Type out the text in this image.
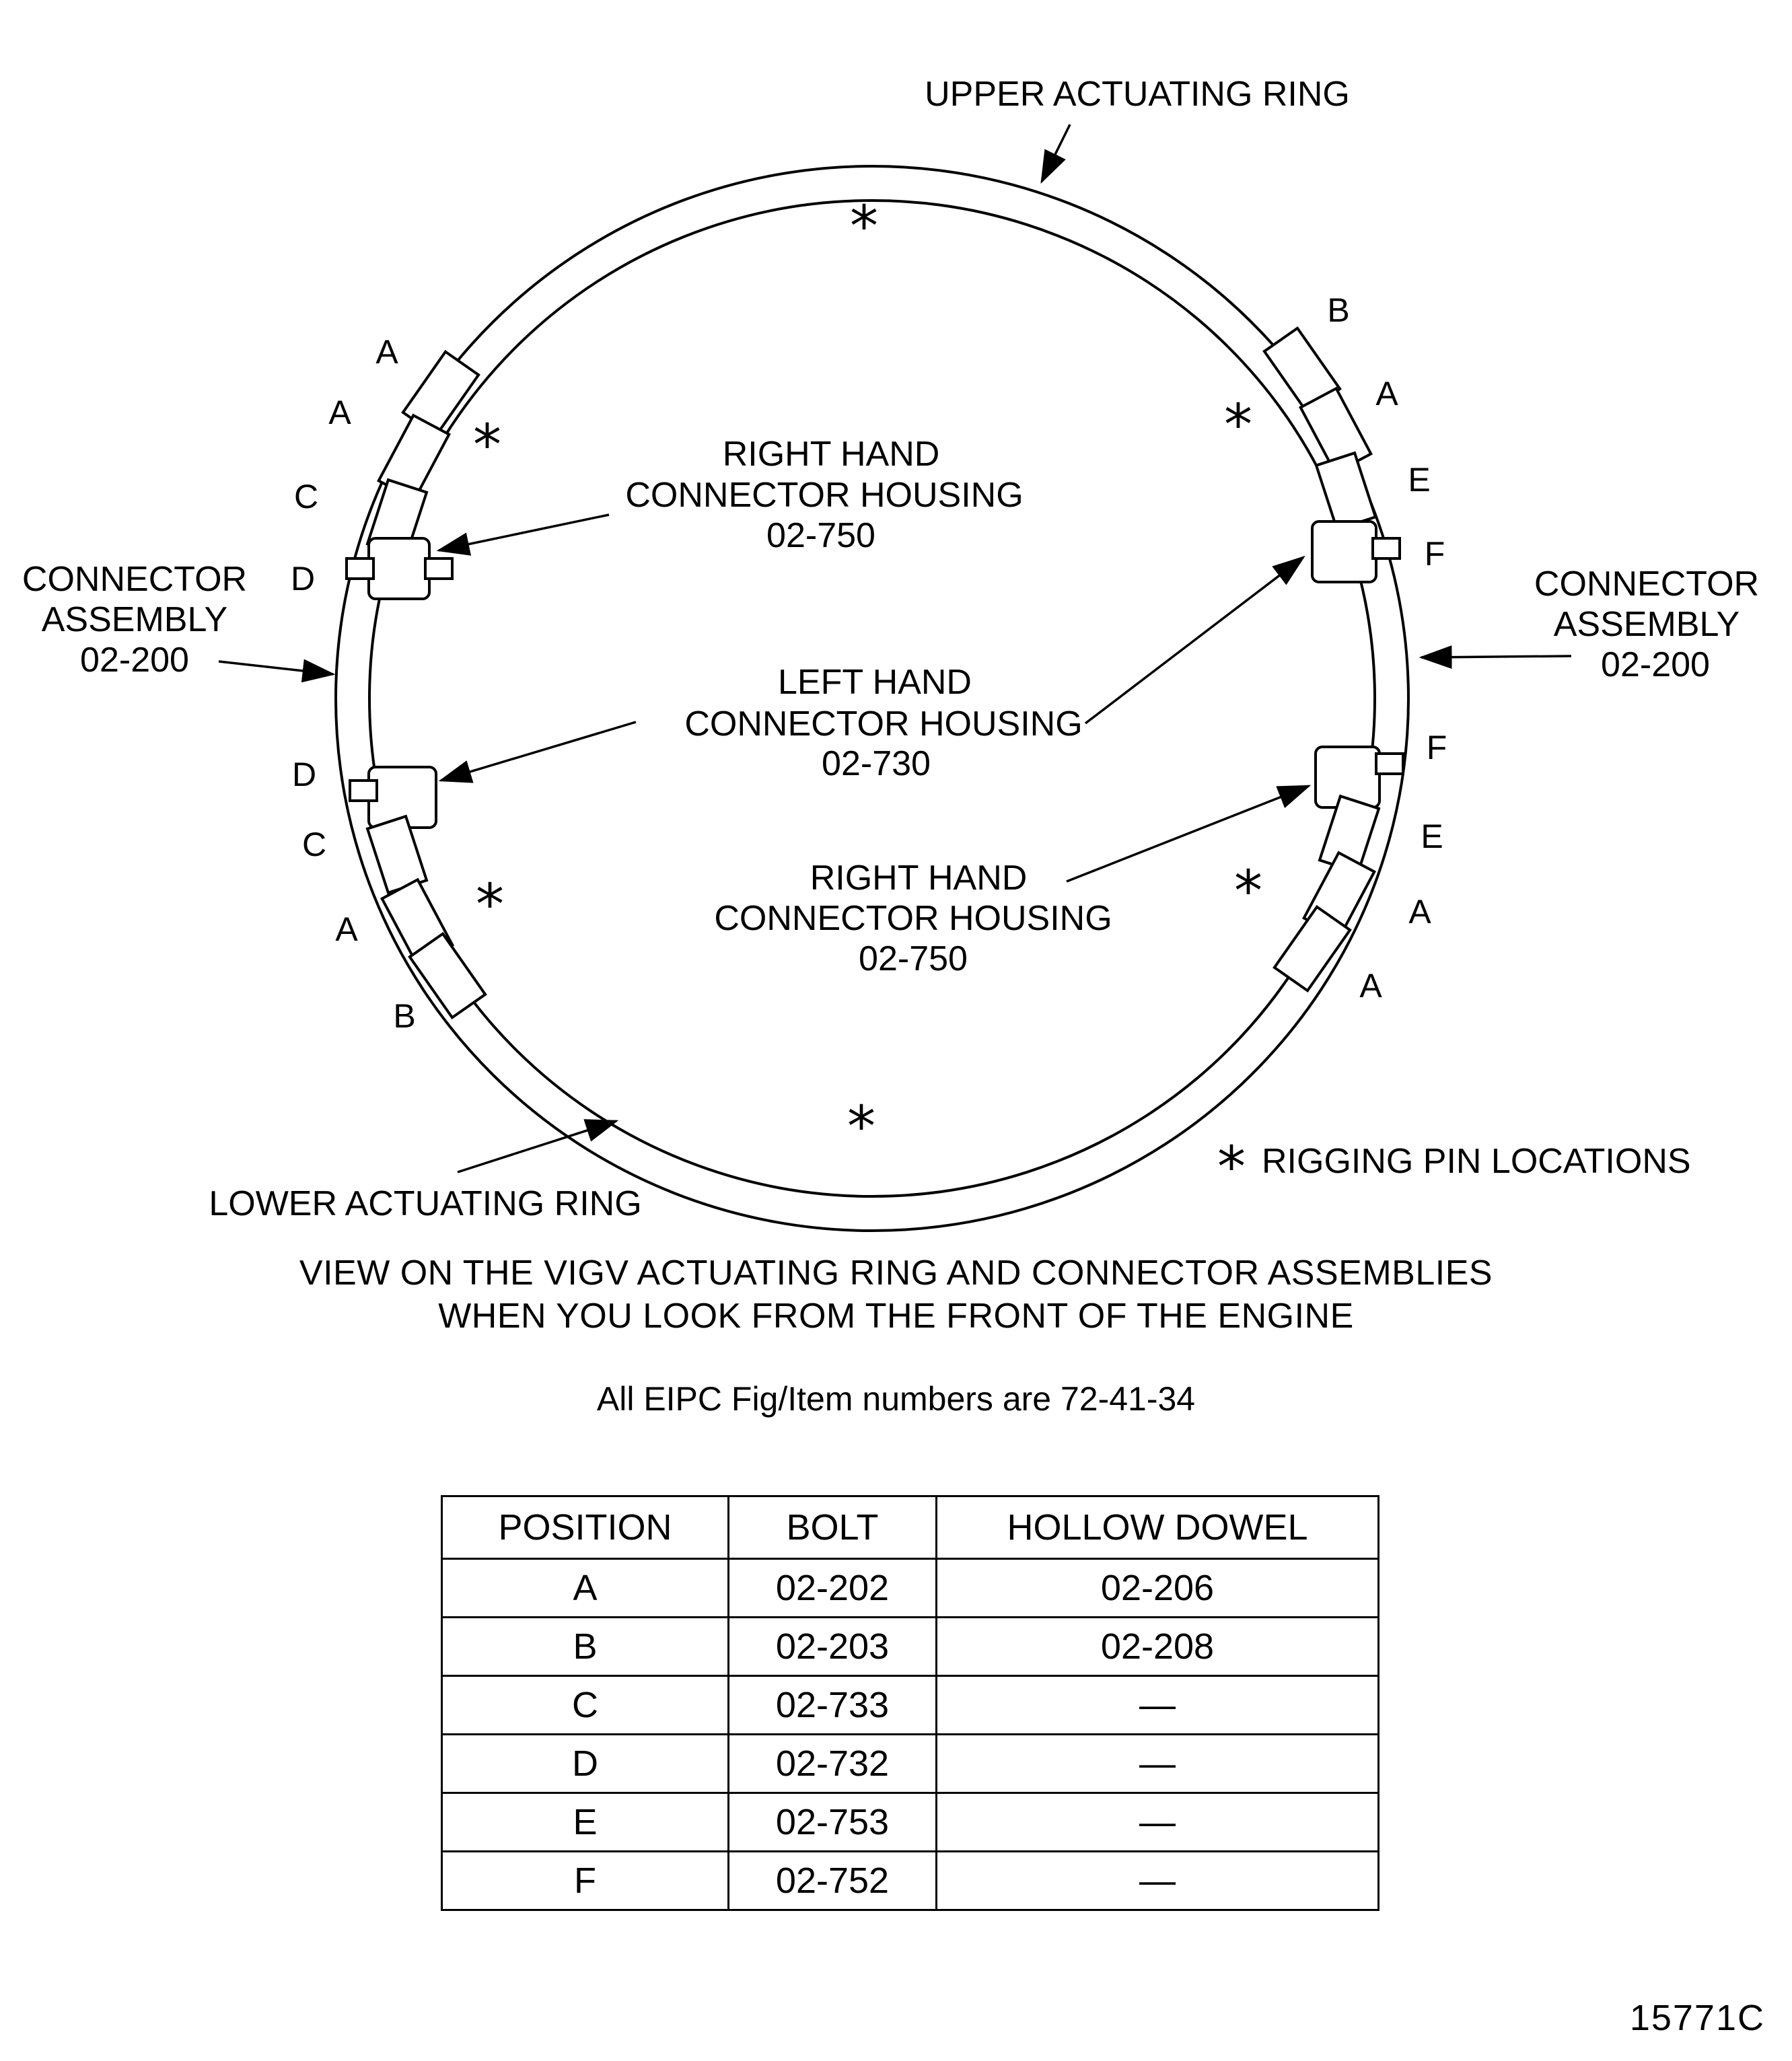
UPPER ACTUATING RING
LOWER ACTUATING RING
RIGHT HAND
CONNECTOR HOUSING
02-750
LEFT HAND
CONNECTOR HOUSING
02-730
RIGHT HAND
CONNECTOR HOUSING
02-750
CONNECTOR
ASSEMBLY
02-200
CONNECTOR
ASSEMBLY
02-200
A
A
C
D
D
C
A
B
B
A
E
F
F
E
A
A
*
*	*
*	*
*
* RIGGING PIN LOCATIONS
VIEW ON THE VIGV ACTUATING RING AND CONNECTOR ASSEMBLIES
WHEN YOU LOOK FROM THE FRONT OF THE ENGINE
All EIPC Fig/Item numbers are 72-41-34
POSITION	BOLT	HOLLOW DOWEL
A	02-202	02-206
B	02-203	02-208
C	02-733	—
D	02-732	—
E	02-753	—
F	02-752	—
15771C
